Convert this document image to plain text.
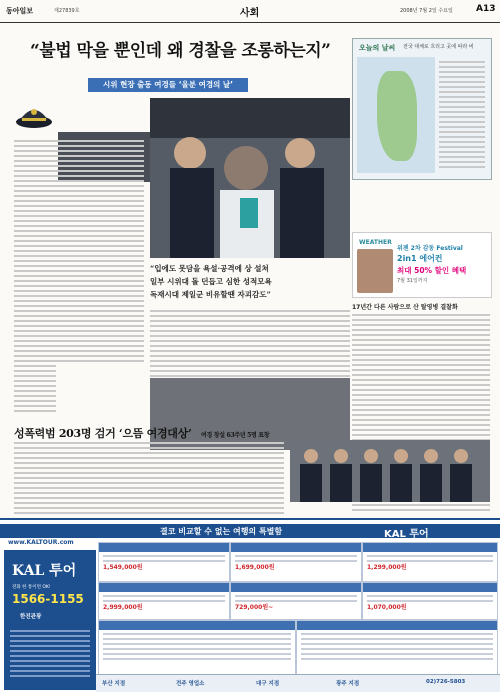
동아일보	제27839호	사회	2008년 7월 2일 수요일	A13
“불법 막을 뿐인데 왜 경찰을 조롱하는지”
시위 현장 출동 여경들 ‘울분 여경의 날’
“입에도 못담을 욕설·공격에 상 설쳐
일부 시위대 돌 던듭고 심한 성적모욕
독재시대 제일군 비유할땐 자괴감도”
오늘의 날씨 전국 대체로 흐리고 곳에 따라 비
WEATHER
위젠 2차 감동 Festival
2in1 에어컨
최대 50% 할인 혜택
7월 31일까지
17년간 다른 사람으로 산 탈영병 결찰화
성폭력범 203명 검거 ‘으뜸 여경대상’ 여경 창설 63주년 5명 표창
결코 비교할 수 없는 여행의 특별함	KAL 투어
www.KALTOUR.com
KAL 투어
전화 한 통이면 OK!
1566-1155
한진관광
1,549,000원	1,699,000원	1,299,000원
2,999,000원	729,000원~	1,070,000원
부산 지점	전주 영업소	대구 지점	광주 지점	02)726-5803
